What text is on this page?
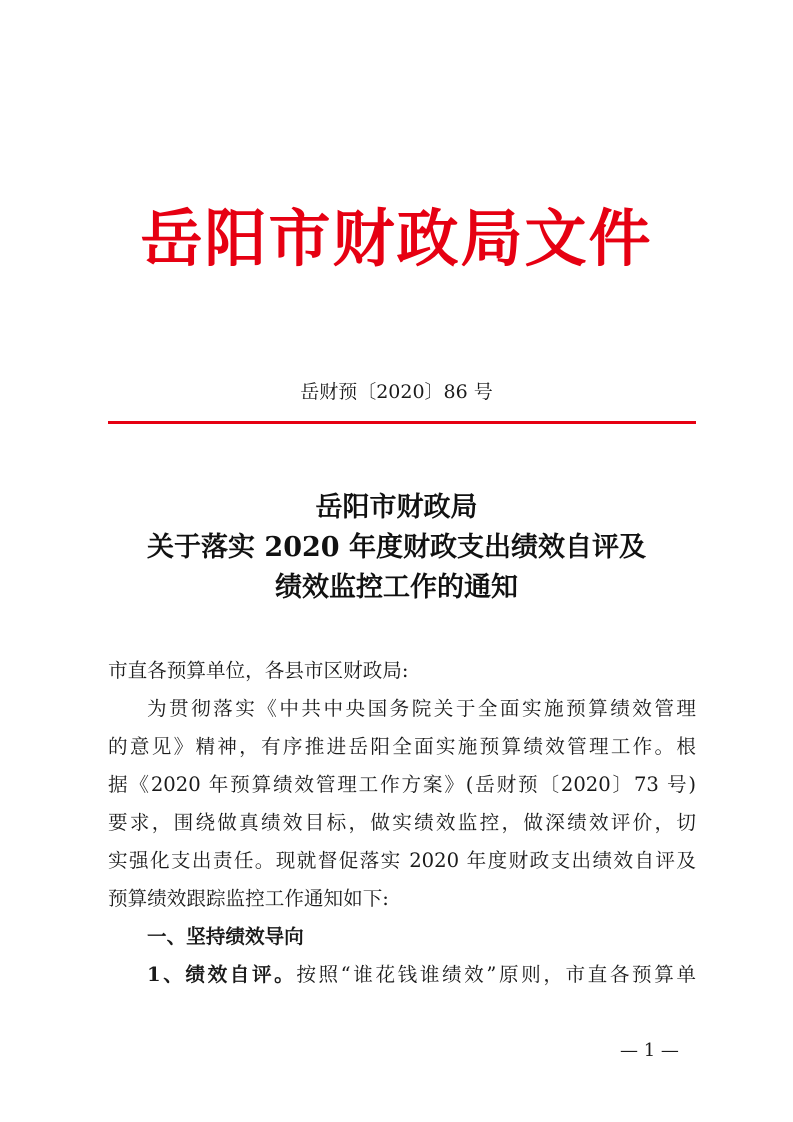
岳阳市财政局文件
岳财预〔2020〕86 号
岳阳市财政局
关于落实 2020 年度财政支出绩效自评及
绩效监控工作的通知
市直各预算单位，各县市区财政局:
为贯彻落实《中共中央国务院关于全面实施预算绩效管理
的意见》精神，有序推进岳阳全面实施预算绩效管理工作。根
据《2020 年预算绩效管理工作方案》(岳财预〔2020〕73 号)
要求，围绕做真绩效目标，做实绩效监控，做深绩效评价，切
实强化支出责任。现就督促落实 2020 年度财政支出绩效自评及
预算绩效跟踪监控工作通知如下:
一、坚持绩效导向
1、绩效自评。按照“谁花钱谁绩效”原则，市直各预算单
— 1 —
